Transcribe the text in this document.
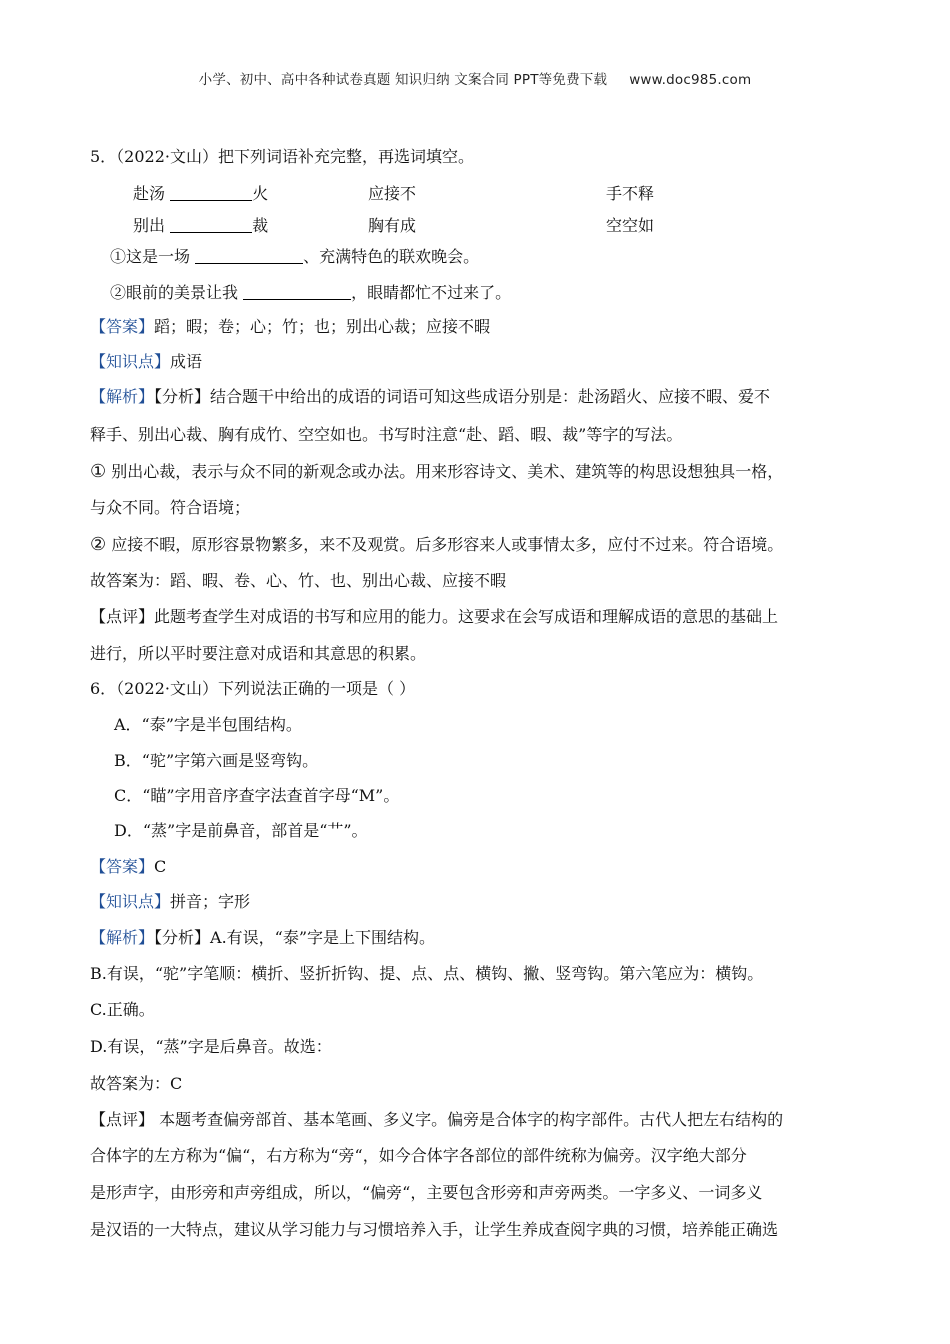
小学、初中、高中各种试卷真题 知识归纳 文案合同 PPT等免费下载 www.doc985.com
5．（2022·文山）把下列词语补充完整，再选词填空。
赴汤	火	应接不	手不释
别出	裁	胸有成	空空如
①这是一场	、充满特色的联欢晚会。
②眼前的美景让我	，眼睛都忙不过来了。
【答案】蹈；暇；卷；心；竹；也；别出心裁；应接不暇
【知识点】成语
【解析】【分析】结合题干中给出的成语的词语可知这些成语分别是：赴汤蹈火、应接不暇、爱不
释手、别出心裁、胸有成竹、空空如也。书写时注意“赴、蹈、暇、裁”等字的写法。
① 别出心裁，表示与众不同的新观念或办法。用来形容诗文、美术、建筑等的构思设想独具一格，
与众不同。符合语境；
② 应接不暇，原形容景物繁多，来不及观赏。后多形容来人或事情太多，应付不过来。符合语境。
故答案为：蹈、暇、卷、心、竹、也、别出心裁、应接不暇
【点评】此题考查学生对成语的书写和应用的能力。这要求在会写成语和理解成语的意思的基础上
进行，所以平时要注意对成语和其意思的积累。
6．（2022·文山）下列说法正确的一项是（ ）
A．“泰”字是半包围结构。
B．“驼”字第六画是竖弯钩。
C．“瞄”字用音序查字法查首字母“M”。
D．“蒸”字是前鼻音，部首是“艹”。
【答案】C
【知识点】拼音；字形
【解析】【分析】A.有误，“泰”字是上下围结构。
B.有误，“驼”字笔顺：横折、竖折折钩、提、点、点、横钩、撇、竖弯钩。第六笔应为：横钩。
C.正确。
D.有误，“蒸”字是后鼻音。故选：
故答案为：C
【点评】 本题考查偏旁部首、基本笔画、多义字。偏旁是合体字的构字部件。古代人把左右结构的
合体字的左方称为“偏“，右方称为“旁“，如今合体字各部位的部件统称为偏旁。汉字绝大部分
是形声字，由形旁和声旁组成，所以，“偏旁“，主要包含形旁和声旁两类。一字多义、一词多义
是汉语的一大特点，建议从学习能力与习惯培养入手，让学生养成查阅字典的习惯，培养能正确选
